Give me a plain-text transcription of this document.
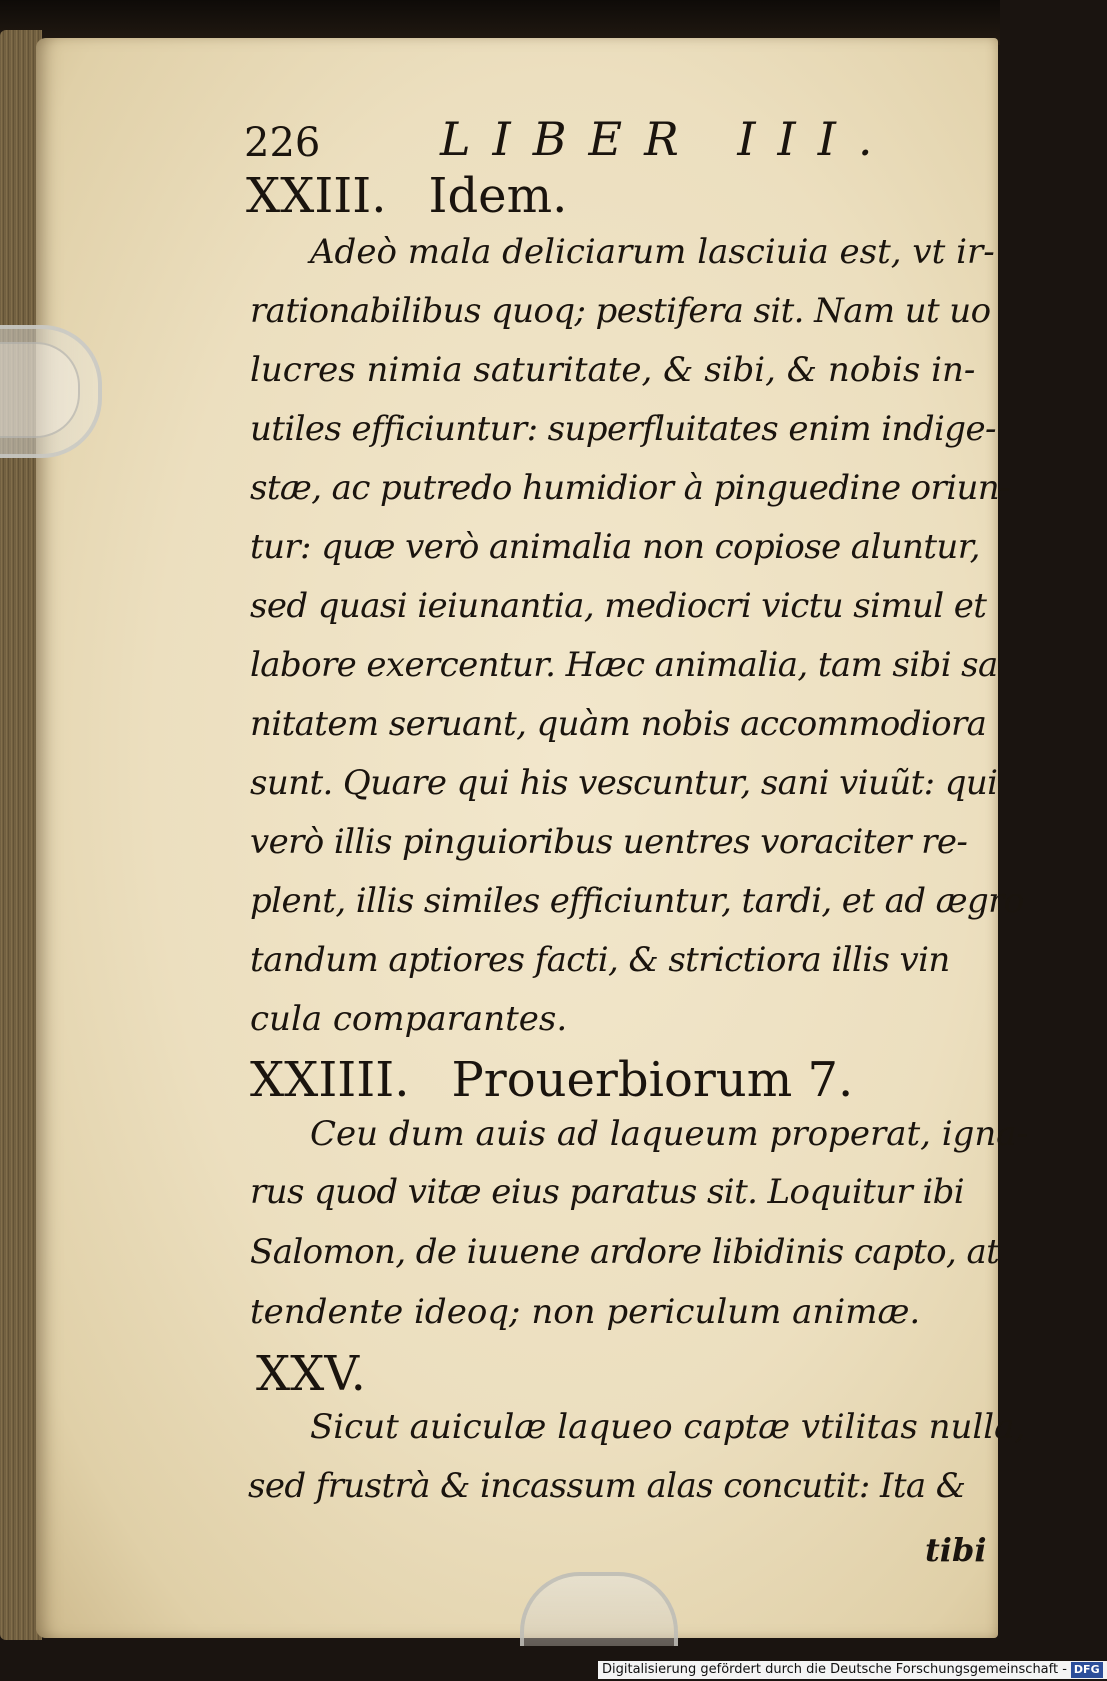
226	LIBER III.
XXIII. Idem.
Adeò mala deliciarum lasciuia est, vt ir-
rationabilibus quoq; pestifera sit. Nam ut uo
lucres nimia saturitate, & sibi, & nobis in-
utiles efficiuntur: superfluitates enim indige-
stæ, ac putredo humidior à pinguedine oriun-
tur: quæ verò animalia non copiose aluntur,
sed quasi ieiunantia, mediocri victu simul et
labore exercentur. Hæc animalia, tam sibi sa
nitatem seruant, quàm nobis accommodiora
sunt. Quare qui his vescuntur, sani viuũt: qui
verò illis pinguioribus uentres voraciter re-
plent, illis similes efficiuntur, tardi, et ad ægro
tandum aptiores facti, & strictiora illis vin
cula comparantes.
XXIIII. Prouerbiorum 7.
Ceu dum auis ad laqueum properat, igna-
rus quod vitæ eius paratus sit. Loquitur ibi
Salomon, de iuuene ardore libidinis capto, at
tendente ideoq; non periculum animæ.
XXV.
Sicut auiculæ laqueo captæ vtilitas nulla,
sed frustrà & incassum alas concutit: Ita &
tibi
Digitalisierung gefördert durch die Deutsche Forschungsgemeinschaft - DFG
